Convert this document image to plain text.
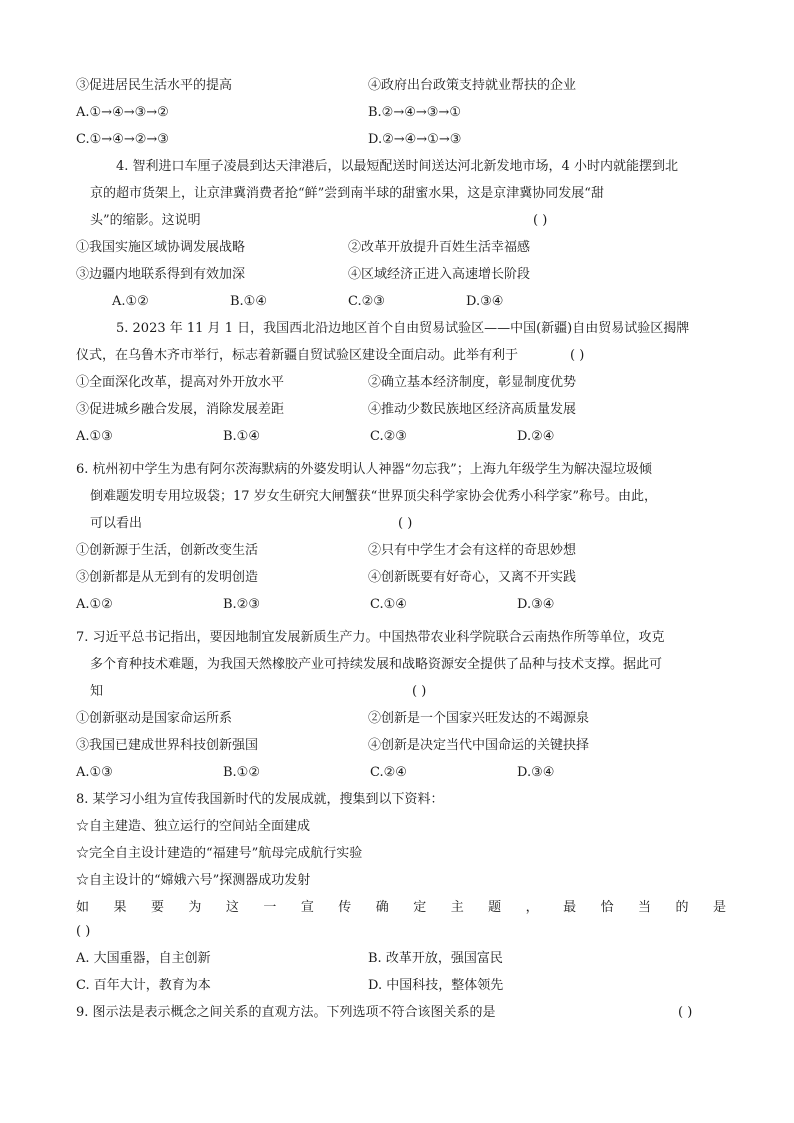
③促进居民生活水平的提高	④政府出台政策支持就业帮扶的企业
A.①→④→③→②	B.②→④→③→①
C.①→④→②→③	D.②→④→①→③
4. 智利进口车厘子凌晨到达天津港后，以最短配送时间送达河北新发地市场，4 小时内就能摆到北
京的超市货架上，让京津冀消费者抢“鲜”尝到南半球的甜蜜水果，这是京津冀协同发展“甜
头”的缩影。这说明	( )
①我国实施区域协调发展战略	②改革开放提升百姓生活幸福感
③边疆内地联系得到有效加深	④区域经济正进入高速增长阶段
A.①②	B.①④	C.②③	D.③④
5. 2023 年 11 月 1 日，我国西北沿边地区首个自由贸易试验区——中国(新疆)自由贸易试验区揭牌
仪式，在乌鲁木齐市举行，标志着新疆自贸试验区建设全面启动。此举有利于	( )
①全面深化改革，提高对外开放水平	②确立基本经济制度，彰显制度优势
③促进城乡融合发展，消除发展差距	④推动少数民族地区经济高质量发展
A.①③	B.①④	C.②③	D.②④
6. 杭州初中学生为患有阿尔茨海默病的外婆发明认人神器“勿忘我”；上海九年级学生为解决湿垃圾倾
倒难题发明专用垃圾袋；17 岁女生研究大闸蟹获“世界顶尖科学家协会优秀小科学家”称号。由此，
可以看出	( )
①创新源于生活，创新改变生活	②只有中学生才会有这样的奇思妙想
③创新都是从无到有的发明创造	④创新既要有好奇心，又离不开实践
A.①②	B.②③	C.①④	D.③④
7. 习近平总书记指出，要因地制宜发展新质生产力。中国热带农业科学院联合云南热作所等单位，攻克
多个育种技术难题，为我国天然橡胶产业可持续发展和战略资源安全提供了品种与技术支撑。据此可
知	( )
①创新驱动是国家命运所系	②创新是一个国家兴旺发达的不竭源泉
③我国已建成世界科技创新强国	④创新是决定当代中国命运的关键抉择
A.①③	B.①②	C.②④	D.③④
8. 某学习小组为宣传我国新时代的发展成就，搜集到以下资料：
☆自主建造、独立运行的空间站全面建成
☆完全自主设计建造的“福建号”航母完成航行实验
☆自主设计的“嫦娥六号”探测器成功发射
如 果 要 为 这 一 宣 传 确 定 主 题 ， 最 恰 当 的 是
( )
A. 大国重器，自主创新	B. 改革开放，强国富民
C. 百年大计，教育为本	D. 中国科技，整体领先
9. 图示法是表示概念之间关系的直观方法。下列选项不符合该图关系的是	( )
